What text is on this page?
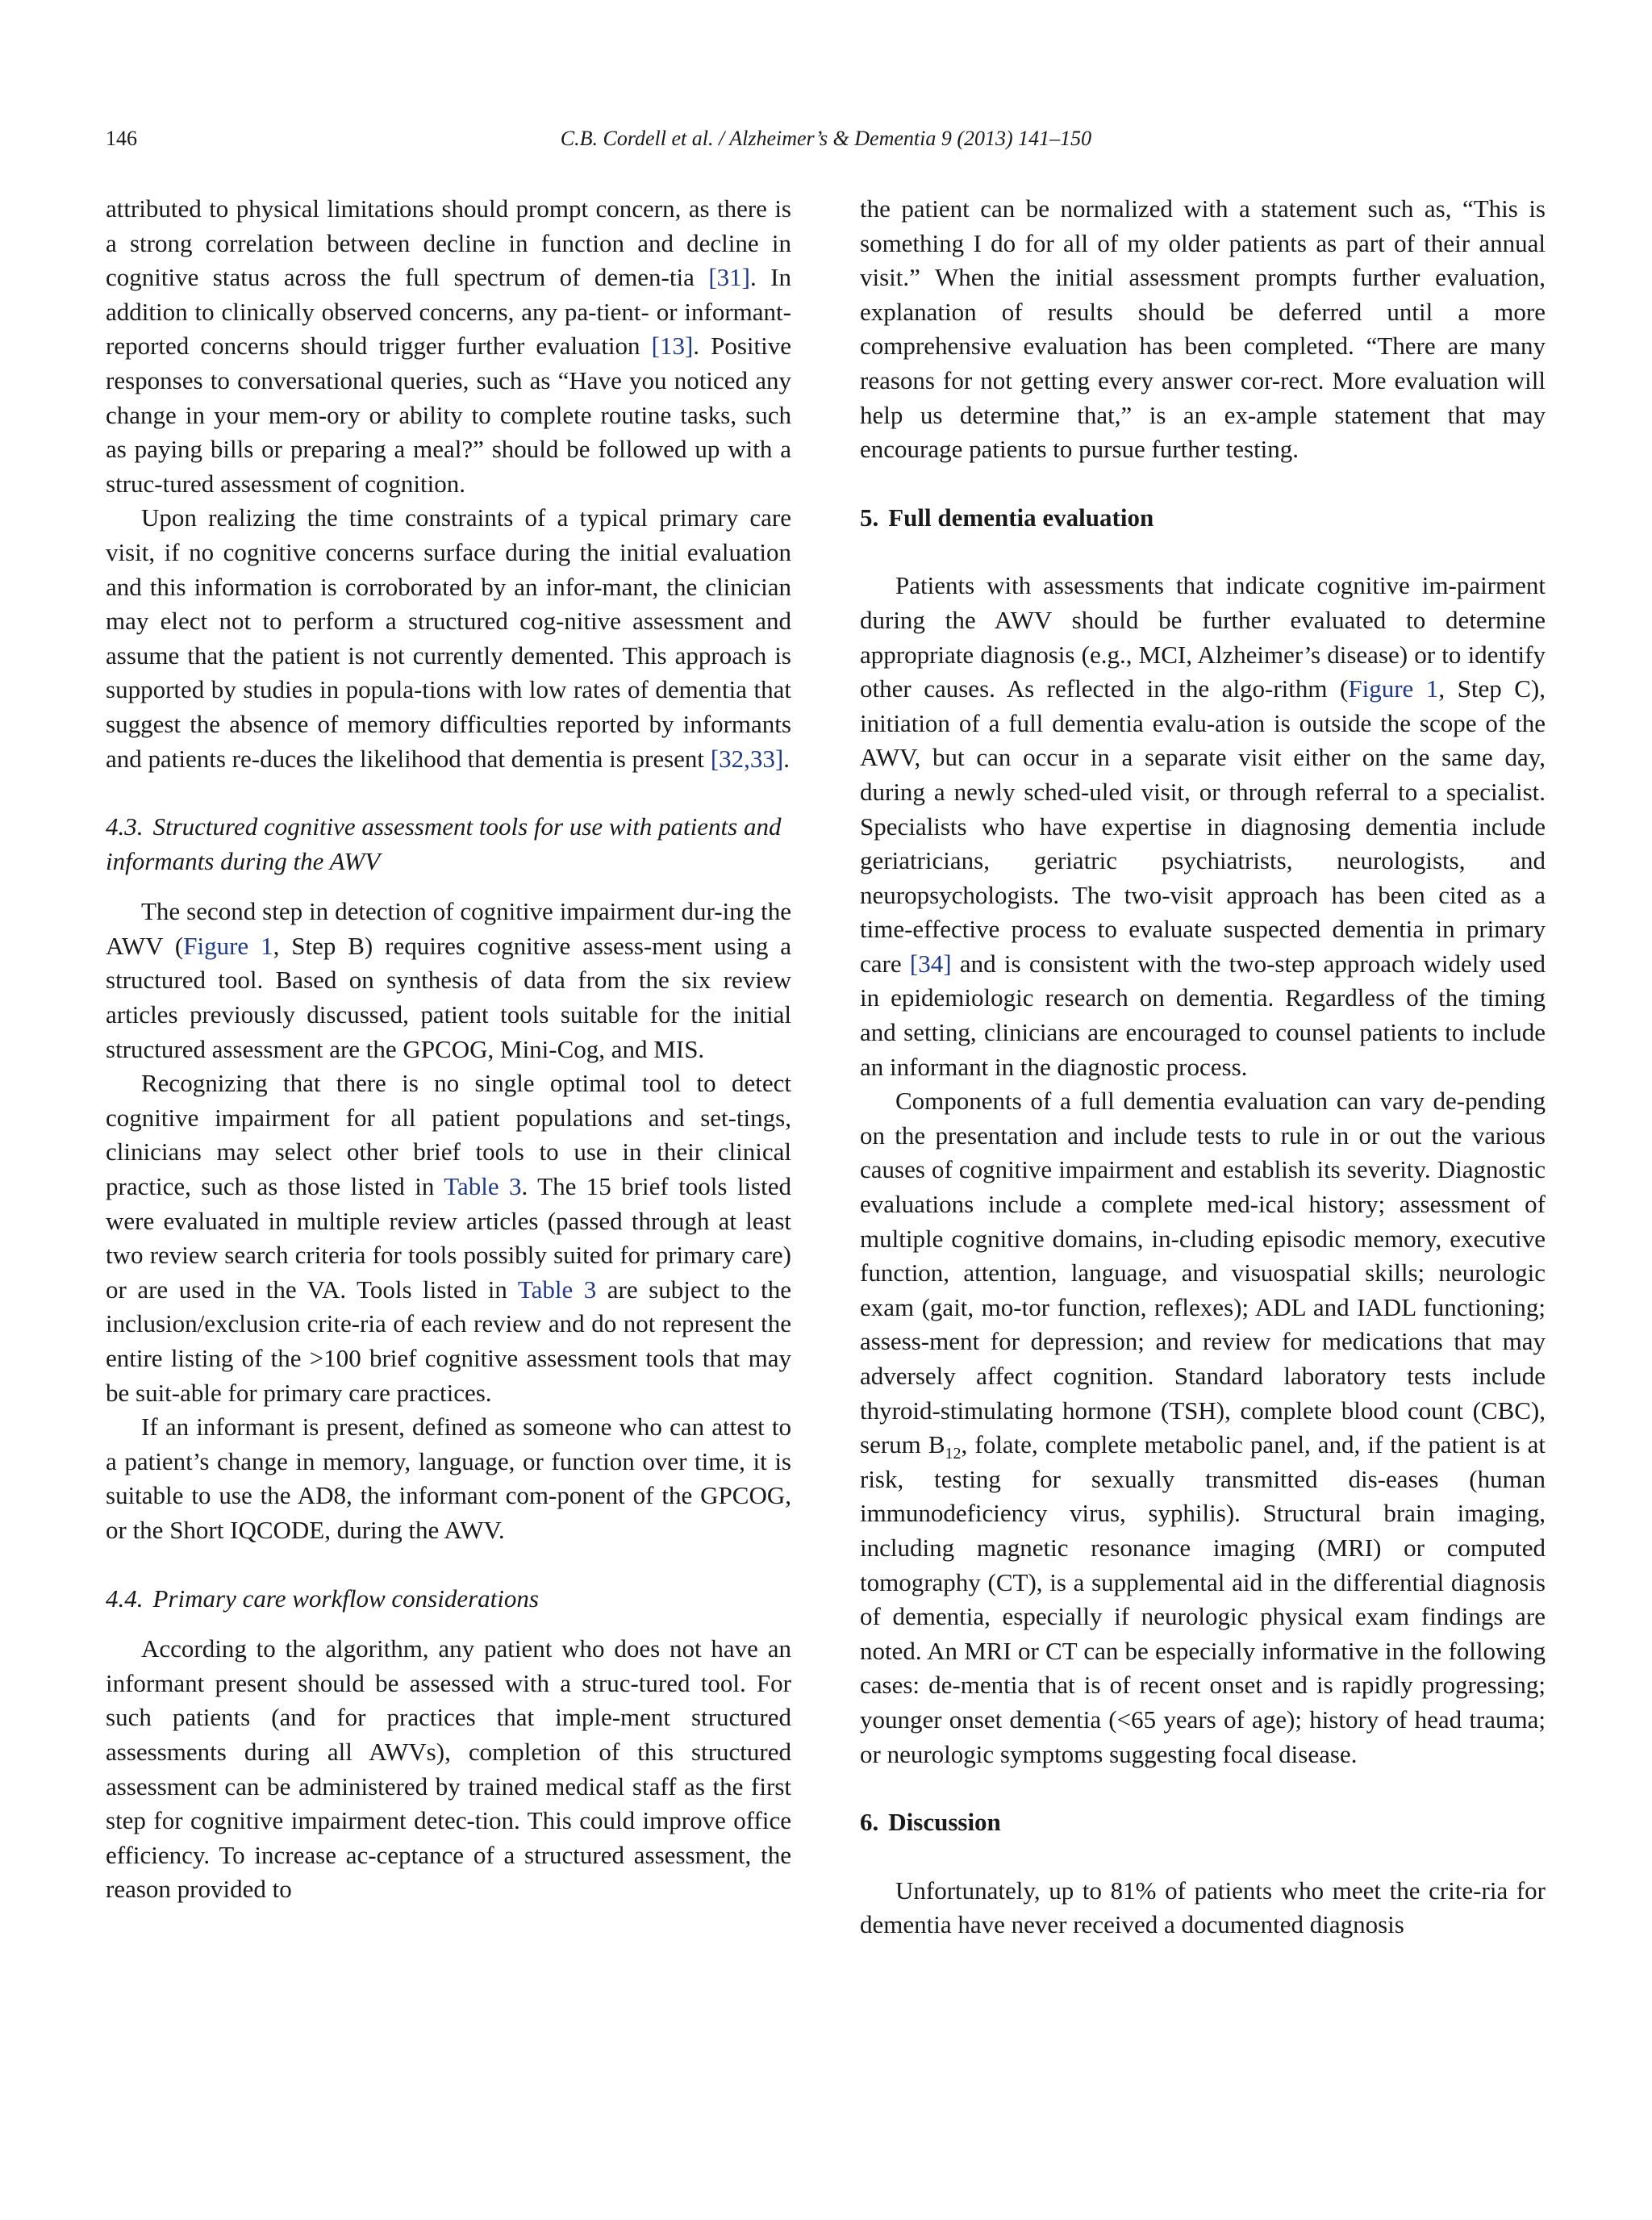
146	C.B. Cordell et al. / Alzheimer’s & Dementia 9 (2013) 141–150

attributed to physical limitations should prompt concern, as there is a strong correlation between decline in function and decline in cognitive status across the full spectrum of demen-tia [31]. In addition to clinically observed concerns, any pa-tient- or informant-reported concerns should trigger further evaluation [13]. Positive responses to conversational queries, such as “Have you noticed any change in your mem-ory or ability to complete routine tasks, such as paying bills or preparing a meal?” should be followed up with a struc-tured assessment of cognition.

Upon realizing the time constraints of a typical primary care visit, if no cognitive concerns surface during the initial evaluation and this information is corroborated by an infor-mant, the clinician may elect not to perform a structured cog-nitive assessment and assume that the patient is not currently demented. This approach is supported by studies in popula-tions with low rates of dementia that suggest the absence of memory difficulties reported by informants and patients re-duces the likelihood that dementia is present [32,33].

4.3. Structured cognitive assessment tools for use with patients and informants during the AWV

The second step in detection of cognitive impairment dur-ing the AWV (Figure 1, Step B) requires cognitive assess-ment using a structured tool. Based on synthesis of data from the six review articles previously discussed, patient tools suitable for the initial structured assessment are the GPCOG, Mini-Cog, and MIS.

Recognizing that there is no single optimal tool to detect cognitive impairment for all patient populations and set-tings, clinicians may select other brief tools to use in their clinical practice, such as those listed in Table 3. The 15 brief tools listed were evaluated in multiple review articles (passed through at least two review search criteria for tools possibly suited for primary care) or are used in the VA. Tools listed in Table 3 are subject to the inclusion/exclusion crite-ria of each review and do not represent the entire listing of the >100 brief cognitive assessment tools that may be suit-able for primary care practices.

If an informant is present, defined as someone who can attest to a patient’s change in memory, language, or function over time, it is suitable to use the AD8, the informant com-ponent of the GPCOG, or the Short IQCODE, during the AWV.

4.4. Primary care workflow considerations

According to the algorithm, any patient who does not have an informant present should be assessed with a struc-tured tool. For such patients (and for practices that imple-ment structured assessments during all AWVs), completion of this structured assessment can be administered by trained medical staff as the first step for cognitive impairment detec-tion. This could improve office efficiency. To increase ac-ceptance of a structured assessment, the reason provided to

the patient can be normalized with a statement such as, “This is something I do for all of my older patients as part of their annual visit.” When the initial assessment prompts further evaluation, explanation of results should be deferred until a more comprehensive evaluation has been completed. “There are many reasons for not getting every answer cor-rect. More evaluation will help us determine that,” is an ex-ample statement that may encourage patients to pursue further testing.

5. Full dementia evaluation

Patients with assessments that indicate cognitive im-pairment during the AWV should be further evaluated to determine appropriate diagnosis (e.g., MCI, Alzheimer’s disease) or to identify other causes. As reflected in the algo-rithm (Figure 1, Step C), initiation of a full dementia evalu-ation is outside the scope of the AWV, but can occur in a separate visit either on the same day, during a newly sched-uled visit, or through referral to a specialist. Specialists who have expertise in diagnosing dementia include geriatricians, geriatric psychiatrists, neurologists, and neuropsychologists. The two-visit approach has been cited as a time-effective process to evaluate suspected dementia in primary care [34] and is consistent with the two-step approach widely used in epidemiologic research on dementia. Regardless of the timing and setting, clinicians are encouraged to counsel patients to include an informant in the diagnostic process.

Components of a full dementia evaluation can vary de-pending on the presentation and include tests to rule in or out the various causes of cognitive impairment and establish its severity. Diagnostic evaluations include a complete med-ical history; assessment of multiple cognitive domains, in-cluding episodic memory, executive function, attention, language, and visuospatial skills; neurologic exam (gait, mo-tor function, reflexes); ADL and IADL functioning; assess-ment for depression; and review for medications that may adversely affect cognition. Standard laboratory tests include thyroid-stimulating hormone (TSH), complete blood count (CBC), serum $B_{12}$, folate, complete metabolic panel, and, if the patient is at risk, testing for sexually transmitted dis-eases (human immunodeficiency virus, syphilis). Structural brain imaging, including magnetic resonance imaging (MRI) or computed tomography (CT), is a supplemental aid in the differential diagnosis of dementia, especially if neurologic physical exam findings are noted. An MRI or CT can be especially informative in the following cases: de-mentia that is of recent onset and is rapidly progressing; younger onset dementia (<65 years of age); history of head trauma; or neurologic symptoms suggesting focal disease.

6. Discussion

Unfortunately, up to 81% of patients who meet the crite-ria for dementia have never received a documented diagnosis
